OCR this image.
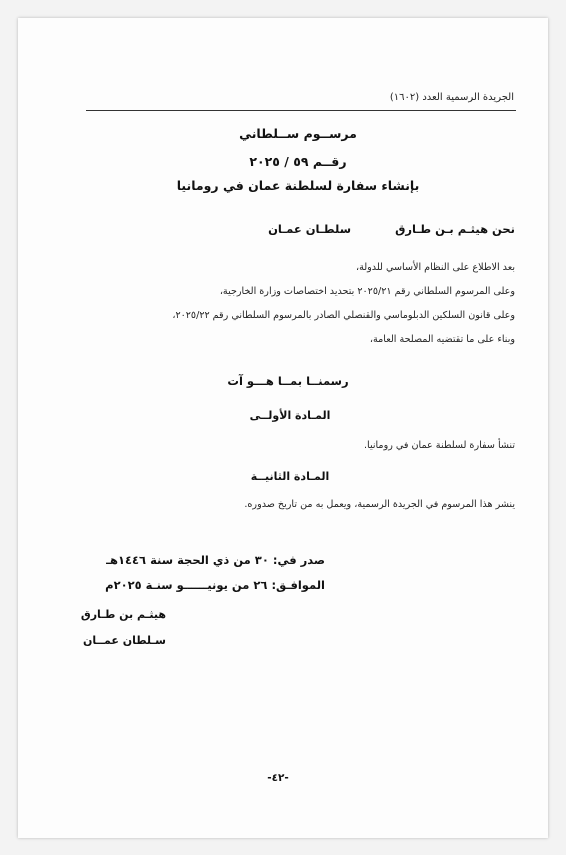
الجريدة الرسمية العدد (١٦٠٢)
مرســوم ســلطاني
رقــم ٥٩ / ٢٠٢٥
بإنشاء سفارة لسلطنة عمان في رومانيا
نحن هيثـم بـن طـارق
سلطـان عمـان
بعد الاطلاع على النظام الأساسي للدولة،
وعلى المرسوم السلطاني رقم ٢٠٢٥/٢١ بتحديد اختصاصات وزارة الخارجية،
وعلى قانون السلكين الدبلوماسي والقنصلي الصادر بالمرسوم السلطاني رقم ٢٠٢٥/٢٢،
وبناء على ما تقتضيه المصلحة العامة،
رسمنــا بمــا هـــو آت
المـادة الأولــى
تنشأ سفارة لسلطنة عمان في رومانيا.
المـادة الثانيــة
ينشر هذا المرسوم في الجريدة الرسمية، ويعمل به من تاريخ صدوره.
صدر في: ٣٠ من ذي الحجة سنة ١٤٤٦هـ
الموافـق: ٢٦ من يونيــــــو سنـة ٢٠٢٥م
هيثـم بن طـارق
سـلطان عمــان
-٤٢-
